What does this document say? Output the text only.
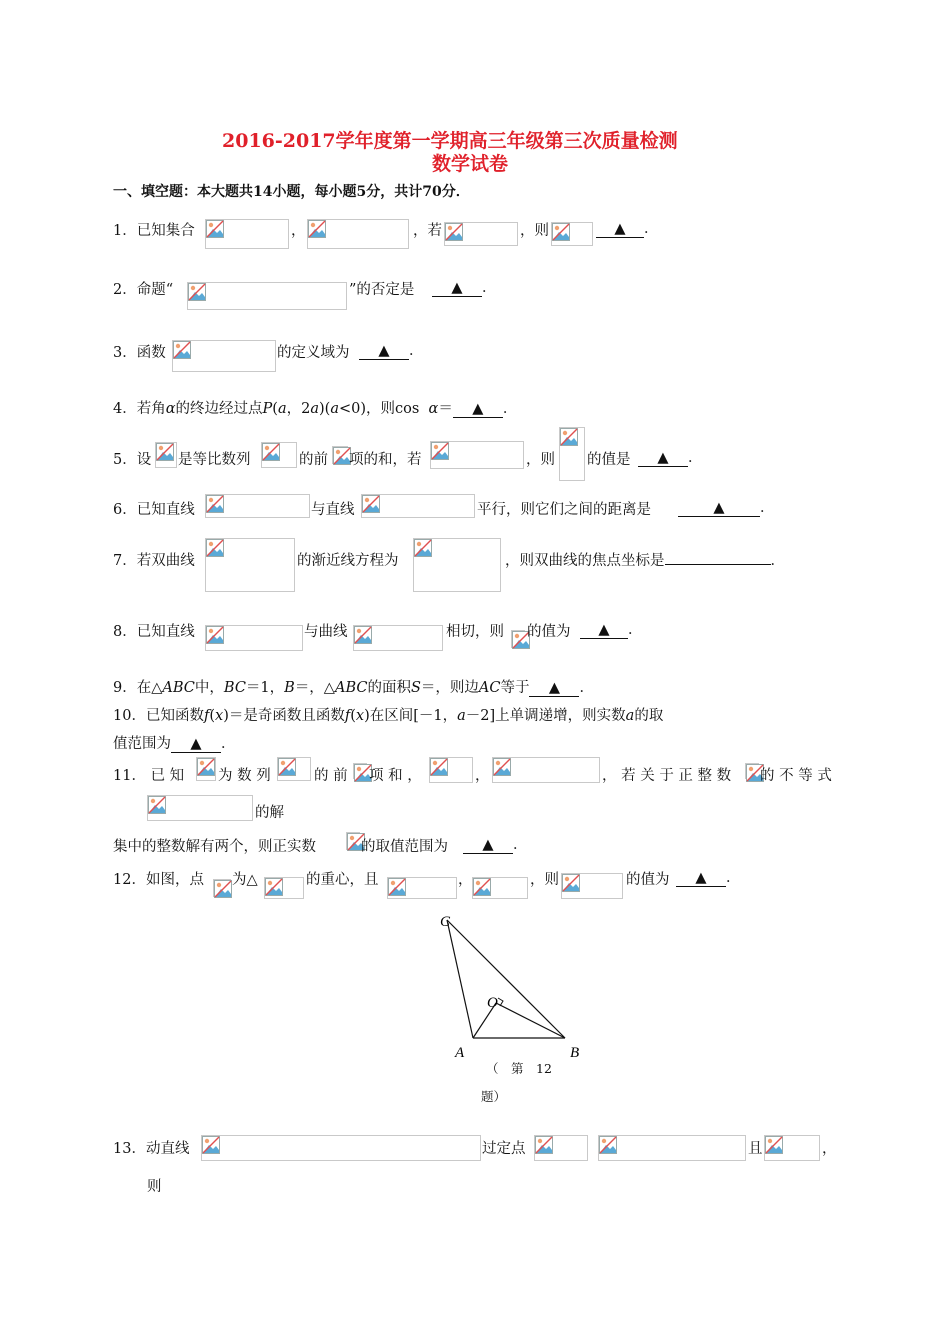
2016-2017学年度第一学期高三年级第三次质量检测
数学试卷
一、填空题：本大题共14小题，每小题5分，共计70分．
1．已知集合	，	，若	，则	▲ ．
2．命题“	”的否定是	▲ ．
3．函数	的定义域为	▲ ．
4．若角α的终边经过点P(a，2a)(a<0)，则cos α＝ ▲ ．
5．设 是等比数列	的前 项的和，若	，则 的值是	▲ ．
6．已知直线	与直线	平行，则它们之间的距离是	▲ ．
7．若双曲线	的渐近线方程为	，则双曲线的焦点坐标是	．
8．已知直线	与曲线	相切，则 的值为	▲ ．
9．在△ABC中，BC＝1，B＝，△ABC的面积S＝，则边AC等于 ▲ ．
10．已知函数f(x)＝是奇函数且函数f(x)在区间[－1，a－2]上单调递增，则实数a的取
值范围为 ▲ ．
11． 已 知 为 数 列	的 前 项 和 ，	，	， 若 关 于 正 整 数 的 不 等 式
的解
集中的整数解有两个，则正实数	的取值范围为	▲ ．
12．如图，点 为△	的重心，且	，	，则	的值为	▲ ．
C
O
A	B
（　第　12
题）
13．动直线	过定点	且	，
则
